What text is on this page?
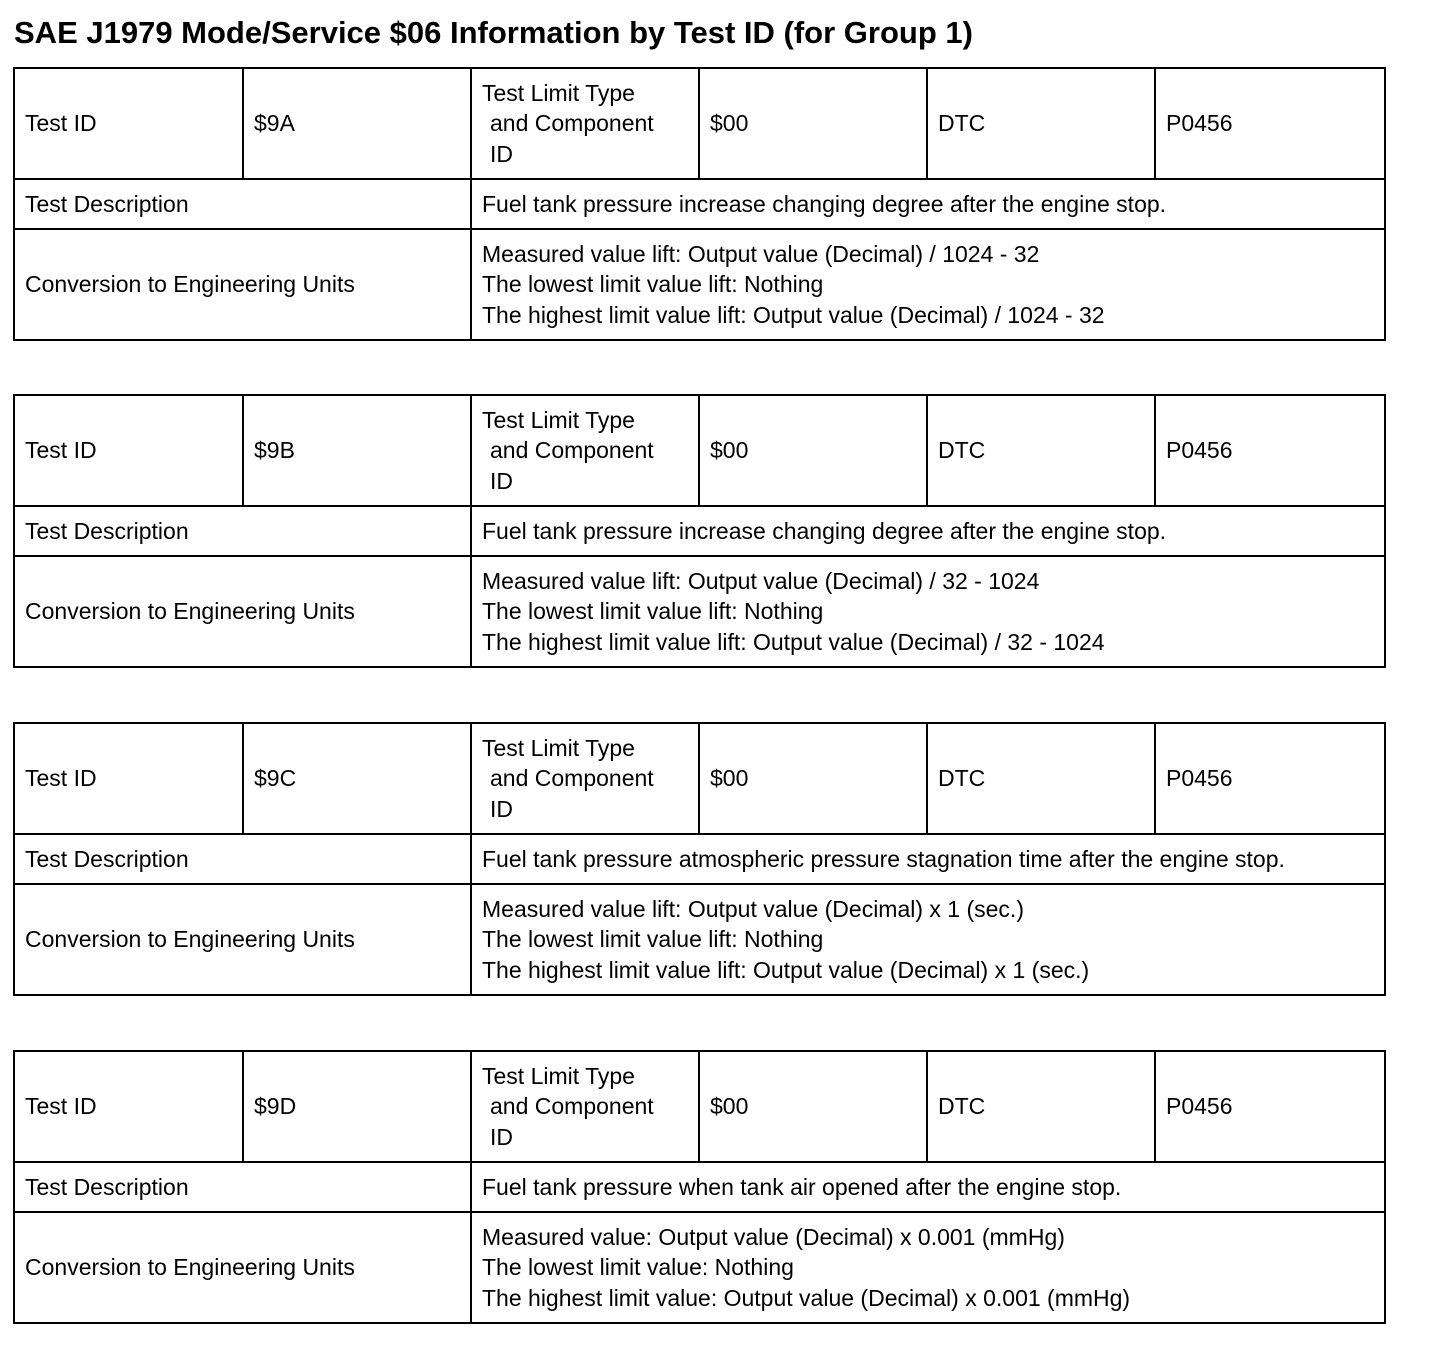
SAE J1979 Mode/Service $06 Information by Test ID (for Group 1)
Test ID	$9A	Test Limit Type
and Component
ID	$00	DTC	P0456
Test Description		Fuel tank pressure increase changing degree after the engine stop.			
Conversion to Engineering Units		Measured value lift: Output value (Decimal) / 1024 - 32
The lowest limit value lift: Nothing
The highest limit value lift: Output value (Decimal) / 1024 - 32			
Test ID	$9B	Test Limit Type
and Component
ID	$00	DTC	P0456
Test Description		Fuel tank pressure increase changing degree after the engine stop.			
Conversion to Engineering Units		Measured value lift: Output value (Decimal) / 32 - 1024
The lowest limit value lift: Nothing
The highest limit value lift: Output value (Decimal) / 32 - 1024			
Test ID	$9C	Test Limit Type
and Component
ID	$00	DTC	P0456
Test Description		Fuel tank pressure atmospheric pressure stagnation time after the engine stop.			
Conversion to Engineering Units		Measured value lift: Output value (Decimal) x 1 (sec.)
The lowest limit value lift: Nothing
The highest limit value lift: Output value (Decimal) x 1 (sec.)			
Test ID	$9D	Test Limit Type
and Component
ID	$00	DTC	P0456
Test Description		Fuel tank pressure when tank air opened after the engine stop.			
Conversion to Engineering Units		Measured value: Output value (Decimal) x 0.001 (mmHg)
The lowest limit value: Nothing
The highest limit value: Output value (Decimal) x 0.001 (mmHg)			
